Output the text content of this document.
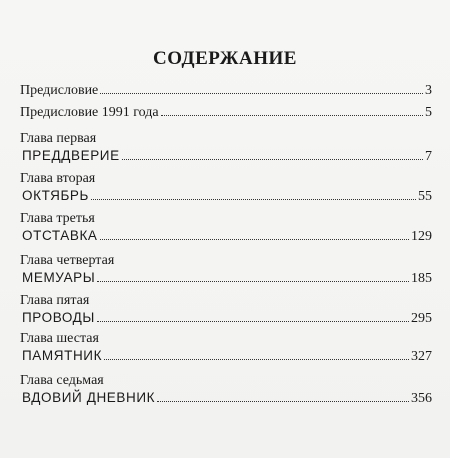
СОДЕРЖАНИЕ
Предисловие	3
Предисловие 1991 года	5
Глава первая
ПРЕДДВЕРИЕ	7
Глава вторая
ОКТЯБРЬ	55
Глава третья
ОТСТАВКА	129
Глава четвертая
МЕМУАРЫ	185
Глава пятая
ПРОВОДЫ	295
Глава шестая
ПАМЯТНИК	327
Глава седьмая
ВДОВИЙ ДНЕВНИК	356
